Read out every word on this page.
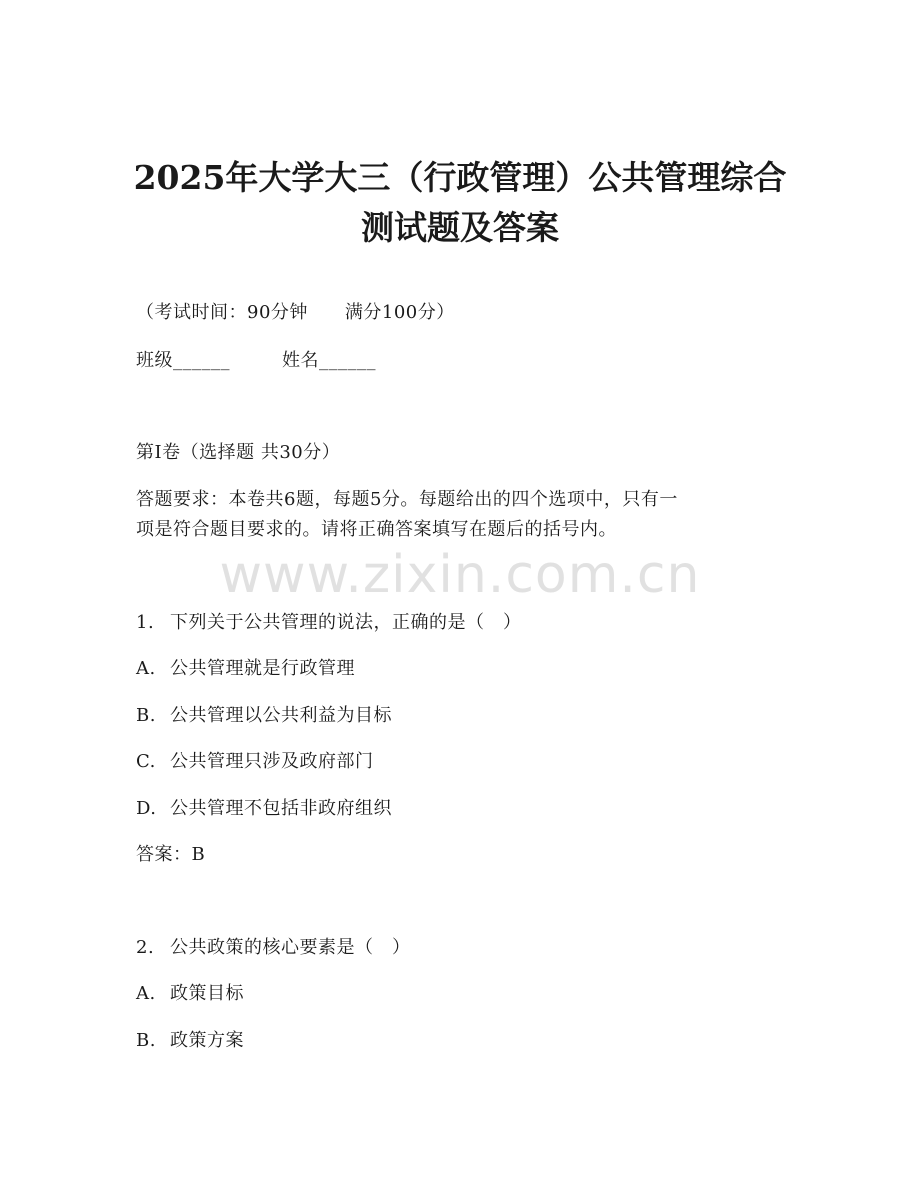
2025年大学大三（行政管理）公共管理综合
测试题及答案
（考试时间：90分钟　　满分100分）
班级______	姓名______
第I卷（选择题 共30分）
答题要求：本卷共6题，每题5分。每题给出的四个选项中，只有一
项是符合题目要求的。请将正确答案填写在题后的括号内。
www.zixin.com.cn
1. 下列关于公共管理的说法，正确的是（　）
A. 公共管理就是行政管理
B. 公共管理以公共利益为目标
C. 公共管理只涉及政府部门
D. 公共管理不包括非政府组织
答案：B
2. 公共政策的核心要素是（　）
A. 政策目标
B. 政策方案
